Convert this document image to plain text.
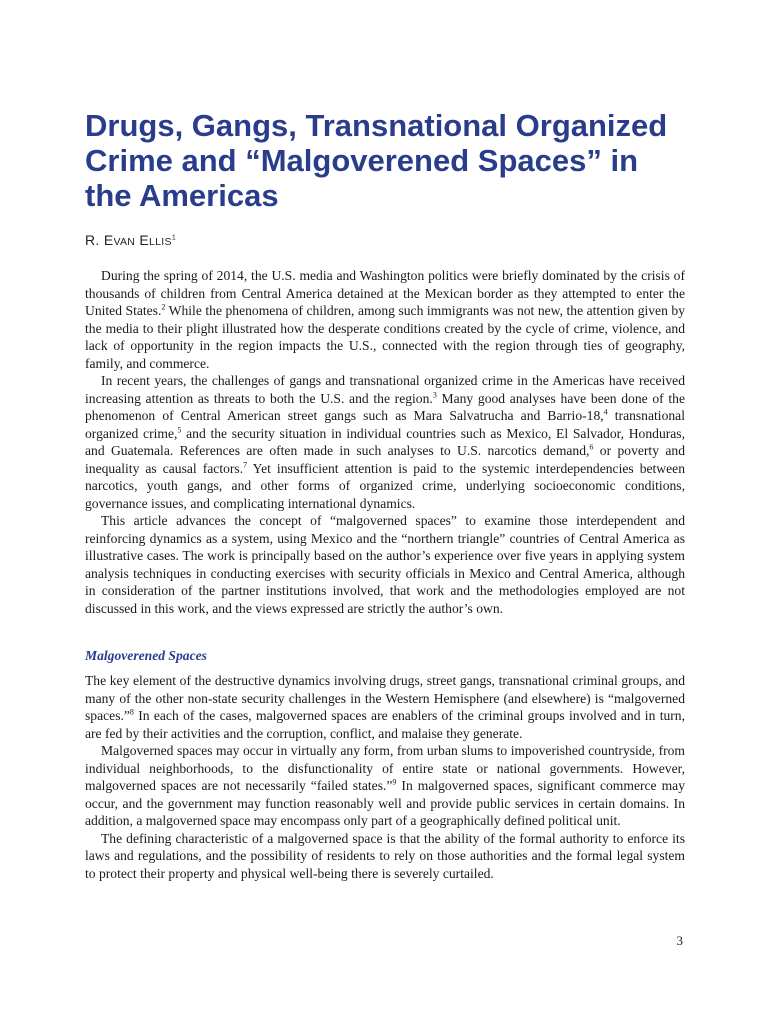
Drugs, Gangs, Transnational Organized Crime and “Malgoverened Spaces” in the Americas
R. EVAN ELLIS$^1$

During the spring of 2014, the U.S. media and Washington politics were briefly dominated by the crisis of thousands of children from Central America detained at the Mexican border as they attempted to enter the United States.$^2$ While the phenomena of children, among such immigrants was not new, the attention given by the media to their plight illustrated how the desperate conditions created by the cycle of crime, violence, and lack of opportunity in the region impacts the U.S., connected with the region through ties of geography, family, and commerce.

In recent years, the challenges of gangs and transnational organized crime in the Americas have received increasing attention as threats to both the U.S. and the region.$^3$ Many good analyses have been done of the phenomenon of Central American street gangs such as Mara Salvatrucha and Barrio-18,$^4$ transnational organized crime,$^5$ and the security situation in individual countries such as Mexico, El Salvador, Honduras, and Guatemala. References are often made in such analyses to U.S. narcotics demand,$^6$ or poverty and inequality as causal factors.$^7$ Yet insufficient attention is paid to the systemic interdependencies between narcotics, youth gangs, and other forms of organized crime, underlying socioeconomic conditions, governance issues, and complicating international dynamics.

This article advances the concept of “malgoverned spaces” to examine those interdependent and reinforcing dynamics as a system, using Mexico and the “northern triangle” countries of Central America as illustrative cases. The work is principally based on the author’s experience over five years in applying system analysis techniques in conducting exercises with security officials in Mexico and Central America, although in consideration of the partner institutions involved, that work and the methodologies employed are not discussed in this work, and the views expressed are strictly the author’s own.

Malgoverened Spaces

The key element of the destructive dynamics involving drugs, street gangs, transnational criminal groups, and many of the other non-state security challenges in the Western Hemisphere (and elsewhere) is “malgoverned spaces.”$^8$ In each of the cases, malgoverned spaces are enablers of the criminal groups involved and in turn, are fed by their activities and the corruption, conflict, and malaise they generate.

Malgoverned spaces may occur in virtually any form, from urban slums to impoverished countryside, from individual neighborhoods, to the disfunctionality of entire state or national governments. However, malgoverned spaces are not necessarily “failed states.”$^9$ In malgoverned spaces, significant commerce may occur, and the government may function reasonably well and provide public services in certain domains. In addition, a malgoverned space may encompass only part of a geographically defined political unit.

The defining characteristic of a malgoverned space is that the ability of the formal authority to enforce its laws and regulations, and the possibility of residents to rely on those authorities and the formal legal system to protect their property and physical well-being there is severely curtailed.

3
